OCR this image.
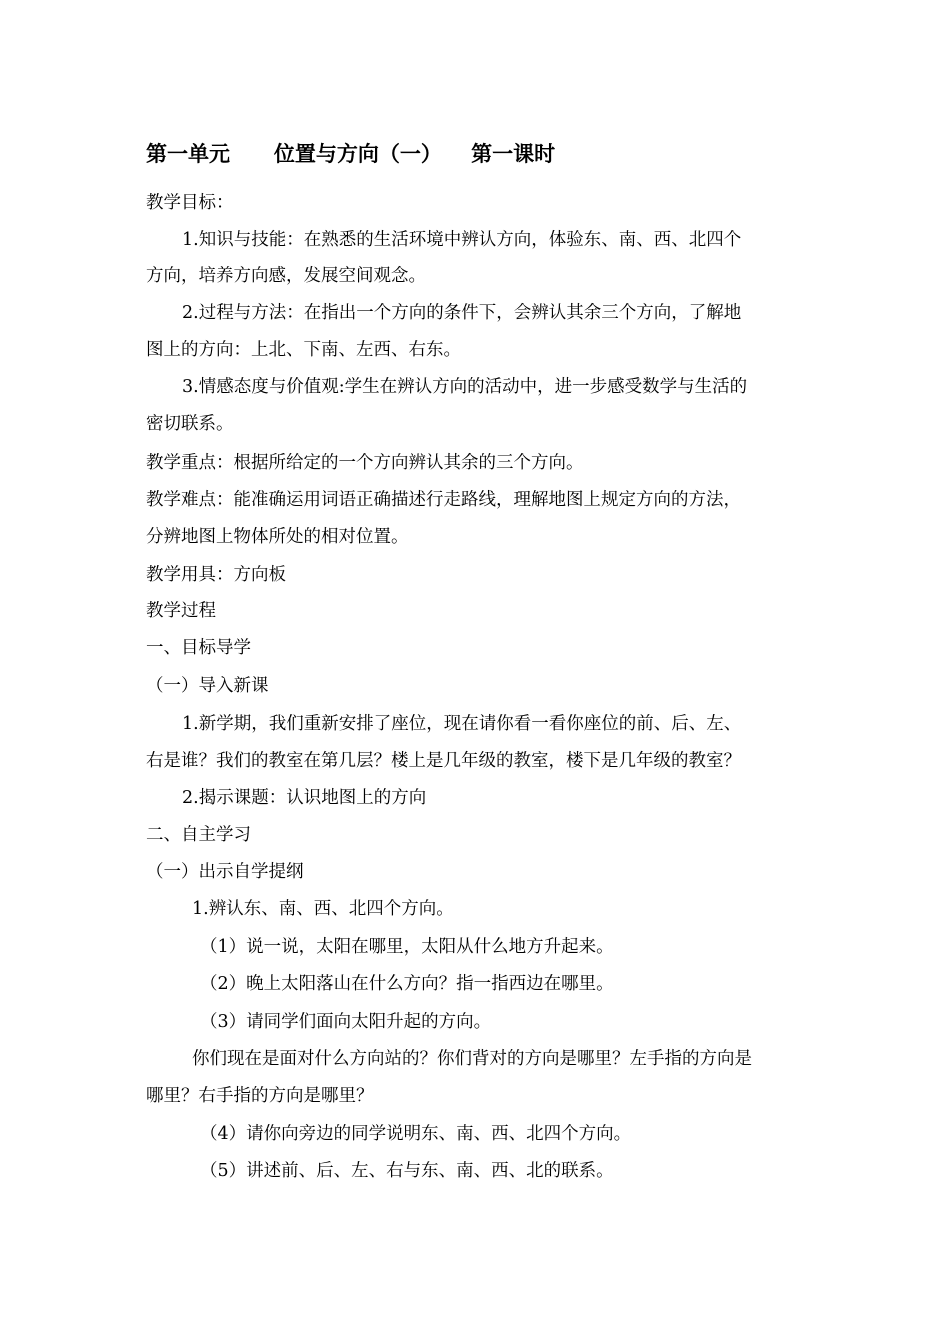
第一单元      位置与方向（一）    第一课时
教学目标：
1.知识与技能：在熟悉的生活环境中辨认方向，体验东、南、西、北四个
方向，培养方向感，发展空间观念。
2.过程与方法：在指出一个方向的条件下，会辨认其余三个方向，了解地
图上的方向：上北、下南、左西、右东。
3.情感态度与价值观:学生在辨认方向的活动中，进一步感受数学与生活的
密切联系。
教学重点：根据所给定的一个方向辨认其余的三个方向。
教学难点：能准确运用词语正确描述行走路线，理解地图上规定方向的方法，
分辨地图上物体所处的相对位置。
教学用具：方向板
教学过程
一、目标导学
（一）导入新课
1.新学期，我们重新安排了座位，现在请你看一看你座位的前、后、左、
右是谁？我们的教室在第几层？楼上是几年级的教室，楼下是几年级的教室？
2.揭示课题：认识地图上的方向
二、自主学习
（一）出示自学提纲
1.辨认东、南、西、北四个方向。
（1）说一说，太阳在哪里，太阳从什么地方升起来。
（2）晚上太阳落山在什么方向？指一指西边在哪里。
（3）请同学们面向太阳升起的方向。
你们现在是面对什么方向站的？你们背对的方向是哪里？左手指的方向是
哪里？右手指的方向是哪里？
（4）请你向旁边的同学说明东、南、西、北四个方向。
（5）讲述前、后、左、右与东、南、西、北的联系。
